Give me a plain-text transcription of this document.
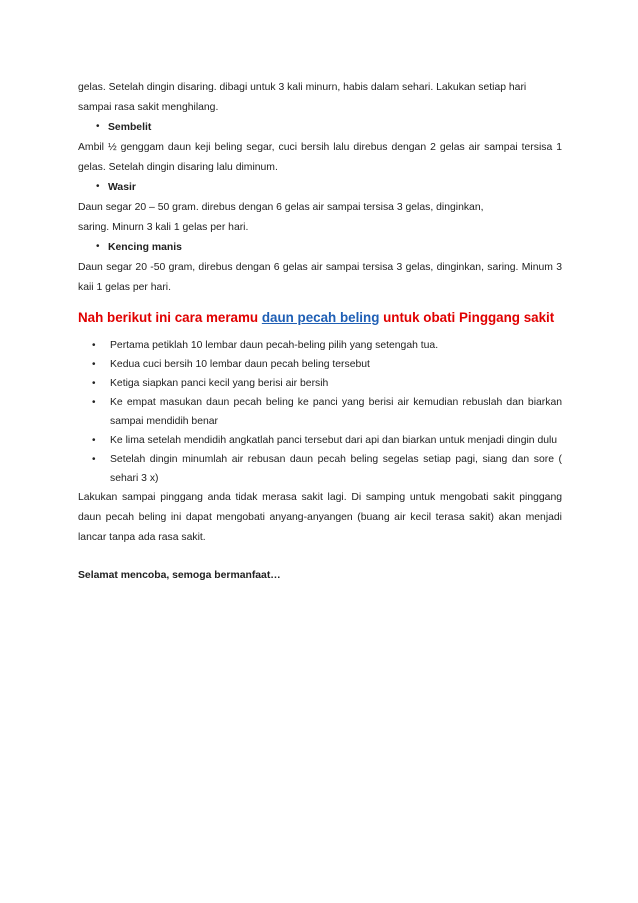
gelas. Setelah dingin disaring. dibagi untuk 3 kali minurn, habis dalam sehari. Lakukan setiap hari

sampai rasa sakit menghilang.

• Sembelit

Ambil ½ genggam daun keji beling segar, cuci bersih lalu direbus dengan 2 gelas air sampai tersisa 1 gelas. Setelah dingin disaring lalu diminum.

• Wasir

Daun segar 20 – 50 gram. direbus dengan 6 gelas air sampai tersisa 3 gelas, dinginkan,

saring. Minurn 3 kali 1 gelas per hari.

• Kencing manis

Daun segar 20 -50 gram, direbus dengan 6 gelas air sampai tersisa 3 gelas, dinginkan, saring. Minum 3 kaii 1 gelas per hari.

Nah berikut ini cara meramu daun pecah beling untuk obati Pinggang sakit
•	Pertama petiklah 10 lembar daun pecah-beling pilih yang setengah tua.
•	Kedua cuci bersih 10 lembar daun pecah beling tersebut
•	Ketiga siapkan panci kecil yang berisi air bersih
•	Ke empat masukan daun pecah beling ke panci yang berisi air kemudian rebuslah dan biarkan sampai mendidih benar
•	Ke lima setelah mendidih angkatlah panci tersebut dari api dan biarkan untuk menjadi dingin dulu
•	Setelah dingin minumlah air rebusan daun pecah beling segelas setiap pagi, siang dan sore ( sehari 3 x)

Lakukan sampai pinggang anda tidak merasa sakit lagi. Di samping untuk mengobati sakit pinggang daun pecah beling ini dapat mengobati anyang-anyangen (buang air kecil terasa sakit) akan menjadi lancar tanpa ada rasa sakit.

Selamat mencoba, semoga bermanfaat…
